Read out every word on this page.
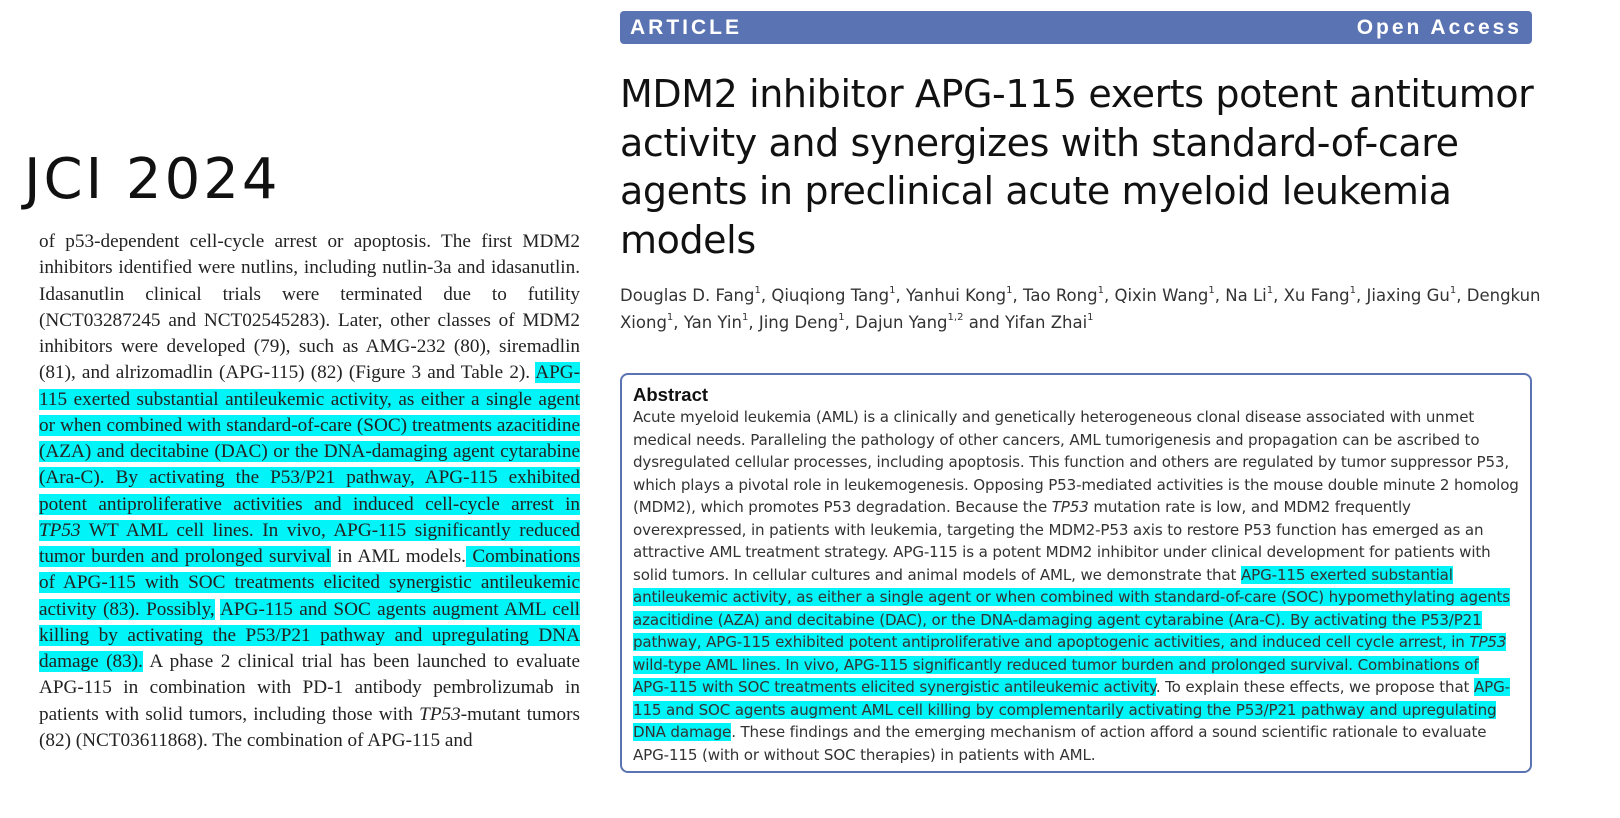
JCI 2024

of p53-dependent cell-cycle arrest or apoptosis. The first MDM2 inhibitors identified were nutlins, including nutlin-3a and idasanutlin. Idasanutlin clinical trials were terminated due to futility (NCT03287245 and NCT02545283). Later, other classes of MDM2 inhibitors were developed (79), such as AMG-232 (80), siremadlin (81), and alrizomadlin (APG-115) (82) (Figure 3 and Table 2). APG-115 exerted substantial antileukemic activity, as either a single agent or when combined with standard-of-care (SOC) treatments azacitidine (AZA) and decitabine (DAC) or the DNA-damaging agent cytarabine (Ara-C). By activating the P53/P21 pathway, APG-115 exhibited potent antiproliferative activities and induced cell-cycle arrest in TP53 WT AML cell lines. In vivo, APG-115 significantly reduced tumor burden and prolonged survival in AML models. Combinations of APG-115 with SOC treatments elicited synergistic antileukemic activity (83). Possibly, APG-115 and SOC agents augment AML cell killing by activating the P53/P21 pathway and upregulating DNA damage (83). A phase 2 clinical trial has been launched to evaluate APG-115 in combination with PD-1 antibody pembrolizumab in patients with solid tumors, including those with TP53-mutant tumors (82) (NCT03611868). The combination of APG-115 and

ARTICLE	Open Access
MDM2 inhibitor APG-115 exerts potent antitumor activity and synergizes with standard-of-care agents in preclinical acute myeloid leukemia models

Douglas D. Fang$^1$, Qiuqiong Tang$^1$, Yanhui Kong$^1$, Tao Rong$^1$, Qixin Wang$^1$, Na Li$^1$, Xu Fang$^1$, Jiaxing Gu$^1$, Dengkun Xiong$^1$, Yan Yin$^1$, Jing Deng$^1$, Dajun Yang$^{1,2}$ and Yifan Zhai$^1$

Abstract

Acute myeloid leukemia (AML) is a clinically and genetically heterogeneous clonal disease associated with unmet medical needs. Paralleling the pathology of other cancers, AML tumorigenesis and propagation can be ascribed to dysregulated cellular processes, including apoptosis. This function and others are regulated by tumor suppressor P53, which plays a pivotal role in leukemogenesis. Opposing P53-mediated activities is the mouse double minute 2 homolog (MDM2), which promotes P53 degradation. Because the TP53 mutation rate is low, and MDM2 frequently overexpressed, in patients with leukemia, targeting the MDM2-P53 axis to restore P53 function has emerged as an attractive AML treatment strategy. APG-115 is a potent MDM2 inhibitor under clinical development for patients with solid tumors. In cellular cultures and animal models of AML, we demonstrate that APG-115 exerted substantial antileukemic activity, as either a single agent or when combined with standard-of-care (SOC) hypomethylating agents azacitidine (AZA) and decitabine (DAC), or the DNA-damaging agent cytarabine (Ara-C). By activating the P53/P21 pathway, APG-115 exhibited potent antiproliferative and apoptogenic activities, and induced cell cycle arrest, in TP53 wild-type AML lines. In vivo, APG-115 significantly reduced tumor burden and prolonged survival. Combinations of APG-115 with SOC treatments elicited synergistic antileukemic activity. To explain these effects, we propose that APG-115 and SOC agents augment AML cell killing by complementarily activating the P53/P21 pathway and upregulating DNA damage. These findings and the emerging mechanism of action afford a sound scientific rationale to evaluate APG-115 (with or without SOC therapies) in patients with AML.
